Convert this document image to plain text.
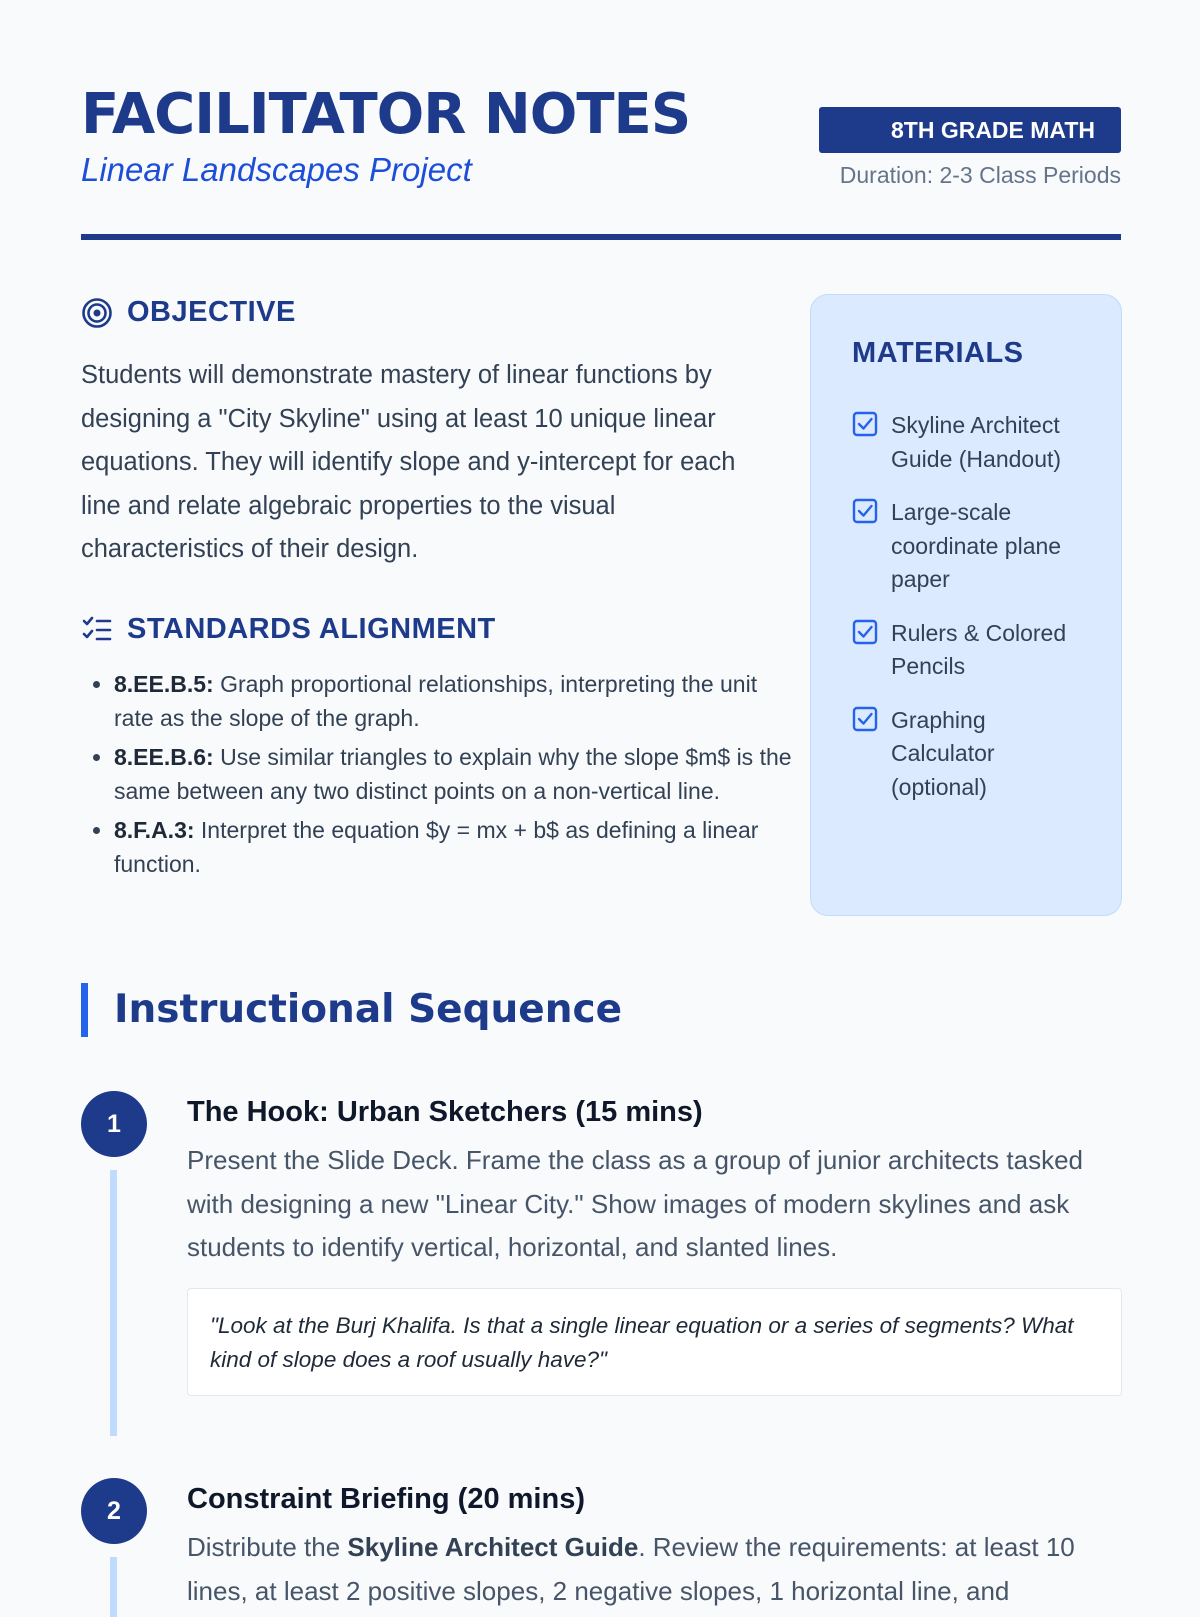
FACILITATOR NOTES

Linear Landscapes Project

8TH GRADE MATH
Duration: 2-3 Class Periods
OBJECTIVE

Students will demonstrate mastery of linear functions by designing a "City Skyline" using at least 10 unique linear equations. They will identify slope and y-intercept for each line and relate algebraic properties to the visual characteristics of their design.

STANDARDS ALIGNMENT
• 8.EE.B.5: Graph proportional relationships, interpreting the unit rate as the slope of the graph.
• 8.EE.B.6: Use similar triangles to explain why the slope $m$ is the same between any two distinct points on a non-vertical line.
• 8.F.A.3: Interpret the equation $y = mx + b$ as defining a linear function.
MATERIALS
Skyline Architect Guide (Handout)
Large-scale coordinate plane paper
Rulers & Colored Pencils
Graphing Calculator (optional)
Instructional Sequence
1	The Hook: Urban Sketchers (15 mins)

Present the Slide Deck. Frame the class as a group of junior architects tasked with designing a new "Linear City." Show images of modern skylines and ask students to identify vertical, horizontal, and slanted lines.

"Look at the Burj Khalifa. Is that a single linear equation or a series of segments? What kind of slope does a roof usually have?"

2	Constraint Briefing (20 mins)

Distribute the Skyline Architect Guide. Review the requirements: at least 10 lines, at least 2 positive slopes, 2 negative slopes, 1 horizontal line, and
